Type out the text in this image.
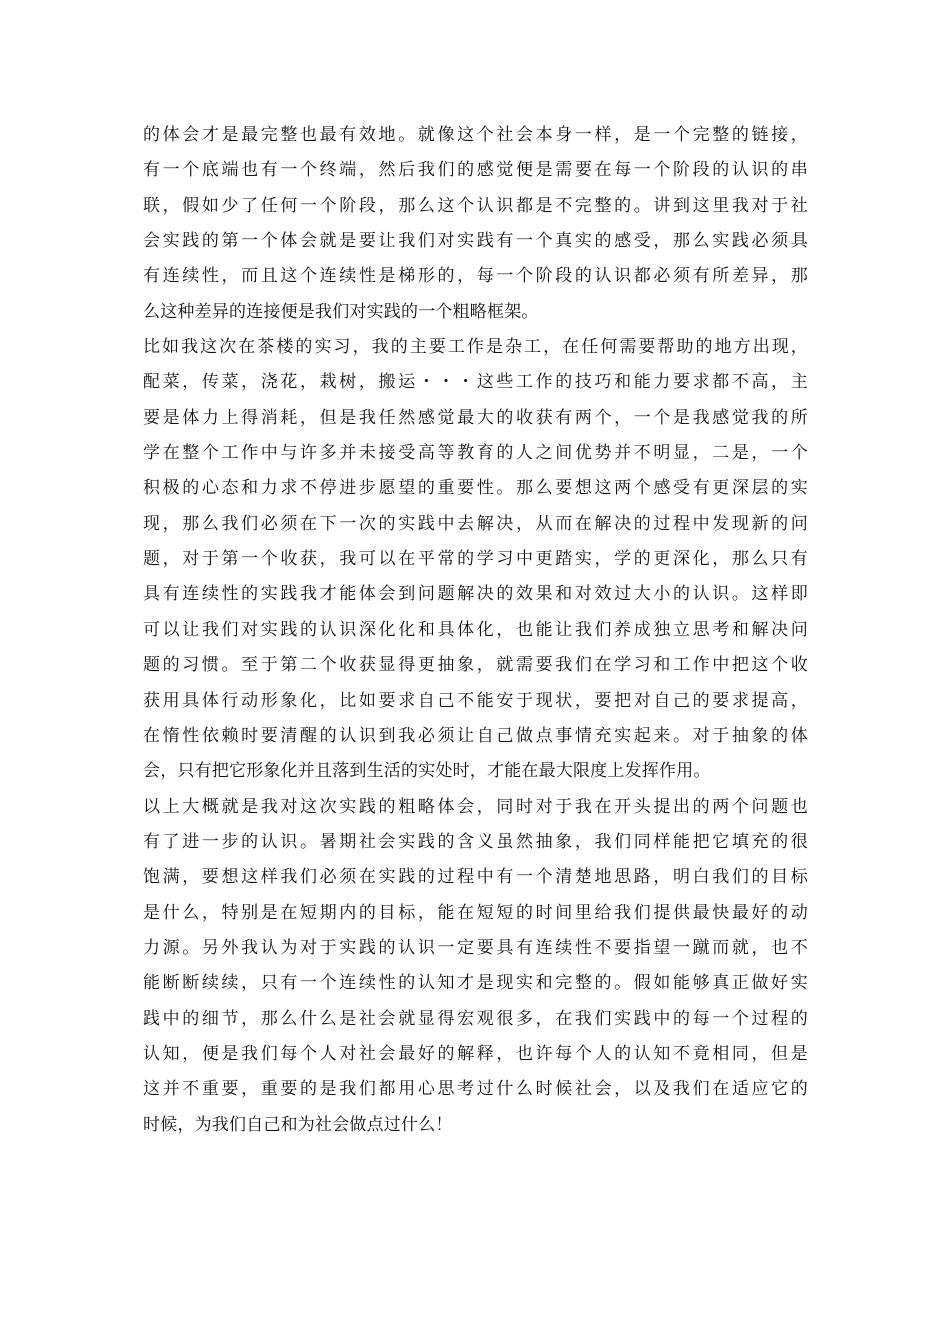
的体会才是最完整也最有效地。就像这个社会本身一样，是一个完整的链接，
有一个底端也有一个终端，然后我们的感觉便是需要在每一个阶段的认识的串
联，假如少了任何一个阶段，那么这个认识都是不完整的。讲到这里我对于社
会实践的第一个体会就是要让我们对实践有一个真实的感受，那么实践必须具
有连续性，而且这个连续性是梯形的，每一个阶段的认识都必须有所差异，那
么这种差异的连接便是我们对实践的一个粗略框架。
比如我这次在茶楼的实习，我的主要工作是杂工，在任何需要帮助的地方出现，
配菜，传菜，浇花，栽树，搬运・・・这些工作的技巧和能力要求都不高，主
要是体力上得消耗，但是我任然感觉最大的收获有两个，一个是我感觉我的所
学在整个工作中与许多并未接受高等教育的人之间优势并不明显，二是，一个
积极的心态和力求不停进步愿望的重要性。那么要想这两个感受有更深层的实
现，那么我们必须在下一次的实践中去解决，从而在解决的过程中发现新的问
题，对于第一个收获，我可以在平常的学习中更踏实，学的更深化，那么只有
具有连续性的实践我才能体会到问题解决的效果和对效过大小的认识。这样即
可以让我们对实践的认识深化化和具体化，也能让我们养成独立思考和解决问
题的习惯。至于第二个收获显得更抽象，就需要我们在学习和工作中把这个收
获用具体行动形象化，比如要求自己不能安于现状，要把对自己的要求提高，
在惰性依赖时要清醒的认识到我必须让自己做点事情充实起来。对于抽象的体
会，只有把它形象化并且落到生活的实处时，才能在最大限度上发挥作用。
以上大概就是我对这次实践的粗略体会，同时对于我在开头提出的两个问题也
有了进一步的认识。暑期社会实践的含义虽然抽象，我们同样能把它填充的很
饱满，要想这样我们必须在实践的过程中有一个清楚地思路，明白我们的目标
是什么，特别是在短期内的目标，能在短短的时间里给我们提供最快最好的动
力源。另外我认为对于实践的认识一定要具有连续性不要指望一蹴而就，也不
能断断续续，只有一个连续性的认知才是现实和完整的。假如能够真正做好实
践中的细节，那么什么是社会就显得宏观很多，在我们实践中的每一个过程的
认知，便是我们每个人对社会最好的解释，也许每个人的认知不竟相同，但是
这并不重要，重要的是我们都用心思考过什么时候社会，以及我们在适应它的
时候，为我们自己和为社会做点过什么！
